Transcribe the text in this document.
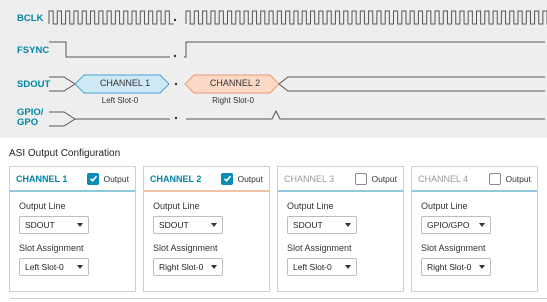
BCLK
FSYNC
SDOUT
GPIO/
GPO
CHANNEL 1	CHANNEL 2
Left Slot-0	Right Slot-0
ASI Output Configuration
CHANNEL 1	Output
Output Line
SDOUT
Slot Assignment
Left Slot-0
CHANNEL 2	Output
Output Line
SDOUT
Slot Assignment
Right Slot-0
CHANNEL 3	Output
Output Line
SDOUT
Slot Assignment
Left Slot-0
CHANNEL 4	Output
Output Line
GPIO/GPO
Slot Assignment
Right Slot-0
